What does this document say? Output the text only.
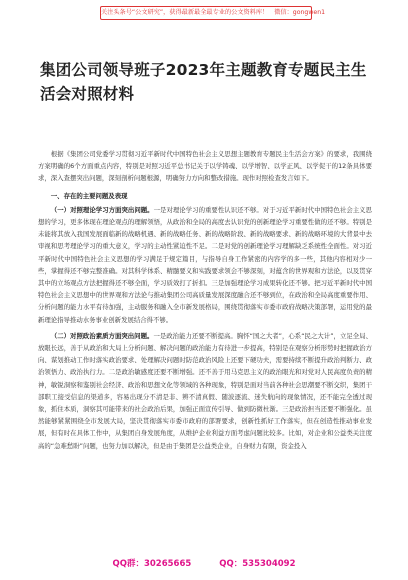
关注头条号“公文研究”，获得最新最全最专业的公文资料库！ 微信：gongwen1
集团公司领导班子2023年主题教育专题民主生活会对照材料

根据《集团公司党委学习贯彻习近平新时代中国特色社会主义思想主题教育专题民主生活会方案》的要求，我围绕方案明确的6个方面重点内容，特别是对照习近平总书记关于以学铸魂、以学增智、以学正风、以学促干的12条具体要求，深入查摆突出问题，深刻剖析问题根源，明确努力方向和整改措施。现作对照检查发言如下。

一、存在的主要问题及表现

（一）对照理论学习方面突出问题。一是对理论学习的重要性认识还不够。对于习近平新时代中国特色社会主义思想的学习，更多体现在理论观点的理解领悟，从政治和全局的高度去认识党的创新理论学习重要性做的还不够。特别是未能将其放入我国发展面临新的战略机遇、新的战略任务、新的战略阶段、新的战略要求、新的战略环境的大背景中去审视和思考理论学习的重大意义，学习的主动性紧迫性不足。二是对党的创新理论学习理解缺乏系统性全面性。对习近平新时代中国特色社会主义思想的学习满足于规定篇目，与指导自身工作紧密的内容学的多一些，其他内容相对少一些，掌握得还不够完整准确。对其科学体系、精髓要义和实践要求领会不够深刻，对蕴含的世界观和方法论，以及贯穿其中的立场观点方法把握得还不够全面，学习质效打了折扣。三是加强理论学习成果转化还不够。把习近平新时代中国特色社会主义思想中的世界观和方法论与推动集团公司高质量发展深度融合还不够到位，在政治和全局高度重要作用、分析问题的能力水平有待加强，主动服务和融入全市新发展格局，围绕贯彻落实市委市政府战略决策部署，运用党的最新理论指导推动水务事业创新发展结合得不够。

（二）对照政治素质方面突出问题。一是政治能力还要不断提高。胸怀“国之大者”，心系“民之大计”，立足全局、放眼长远，善于从政治和大局上分析问题、解决问题的政治能力有待进一步提高，特别是在观察分析形势时把握政治方向、谋划推动工作时落实政治要求、处理解决问题时防范政治风险上还要下硬功夫，需要持续不断提升政治判断力、政治领悟力、政治执行力。二是政治敏感度还要不断增强。还不善于用马克思主义的政治眼光和对党对人民高度负责的精神，敏锐洞察和鉴别社会经济、政治和思想文化等领域的各种现象，特别是面对当前各种社会思潮要不断交织，集团干部职工接受信息的渠道多，容易出现分不清是非、辨不清真假、随波逐流、迷失航向的现象情况，还不能完全透过现象，抓住本质，洞察其可能带来的社会政治后果，加强正面宣传引导、做到防微杜渐。三是政治担当还要不断强化。虽然能够紧紧围绕全市发展大局，坚决贯彻落实市委市政府的部署要求，创新性抓好工作落实，但在创造性推动事业发展，但有时在具体工作中，从集团自身发展角度，从维护企业利益方面考虑问题比较多。比如，对企业和公益类关注度高的“急难愁盼”问题，也努力加以解决，但是由于集团是公益类企业，自身财力有限，资金投入

QQ群：30265665	QQ：535304092
